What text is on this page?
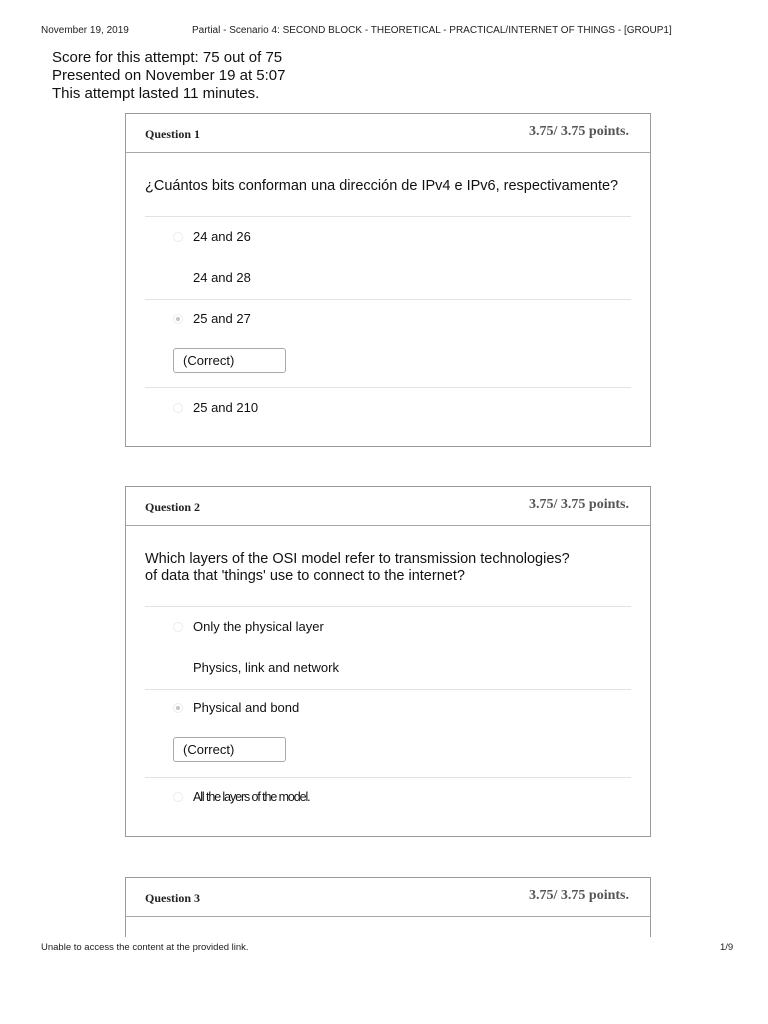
November 19, 2019	Partial - Scenario 4: SECOND BLOCK - THEORETICAL - PRACTICAL/INTERNET OF THINGS - [GROUP1]
Score for this attempt: 75 out of 75
Presented on November 19 at 5:07
This attempt lasted 11 minutes.
Question 1	3.75/ 3.75 points.
¿Cuántos bits conforman una dirección de IPv4 e IPv6, respectivamente?
24 and 26
24 and 28
25 and 27
(Correct)
25 and 210
Question 2	3.75/ 3.75 points.
Which layers of the OSI model refer to transmission technologies?
of data that 'things' use to connect to the internet?
Only the physical layer
Physics, link and network
Physical and bond
(Correct)
All the layers of the model.
Question 3	3.75/ 3.75 points.
Unable to access the content at the provided link.	1/9
